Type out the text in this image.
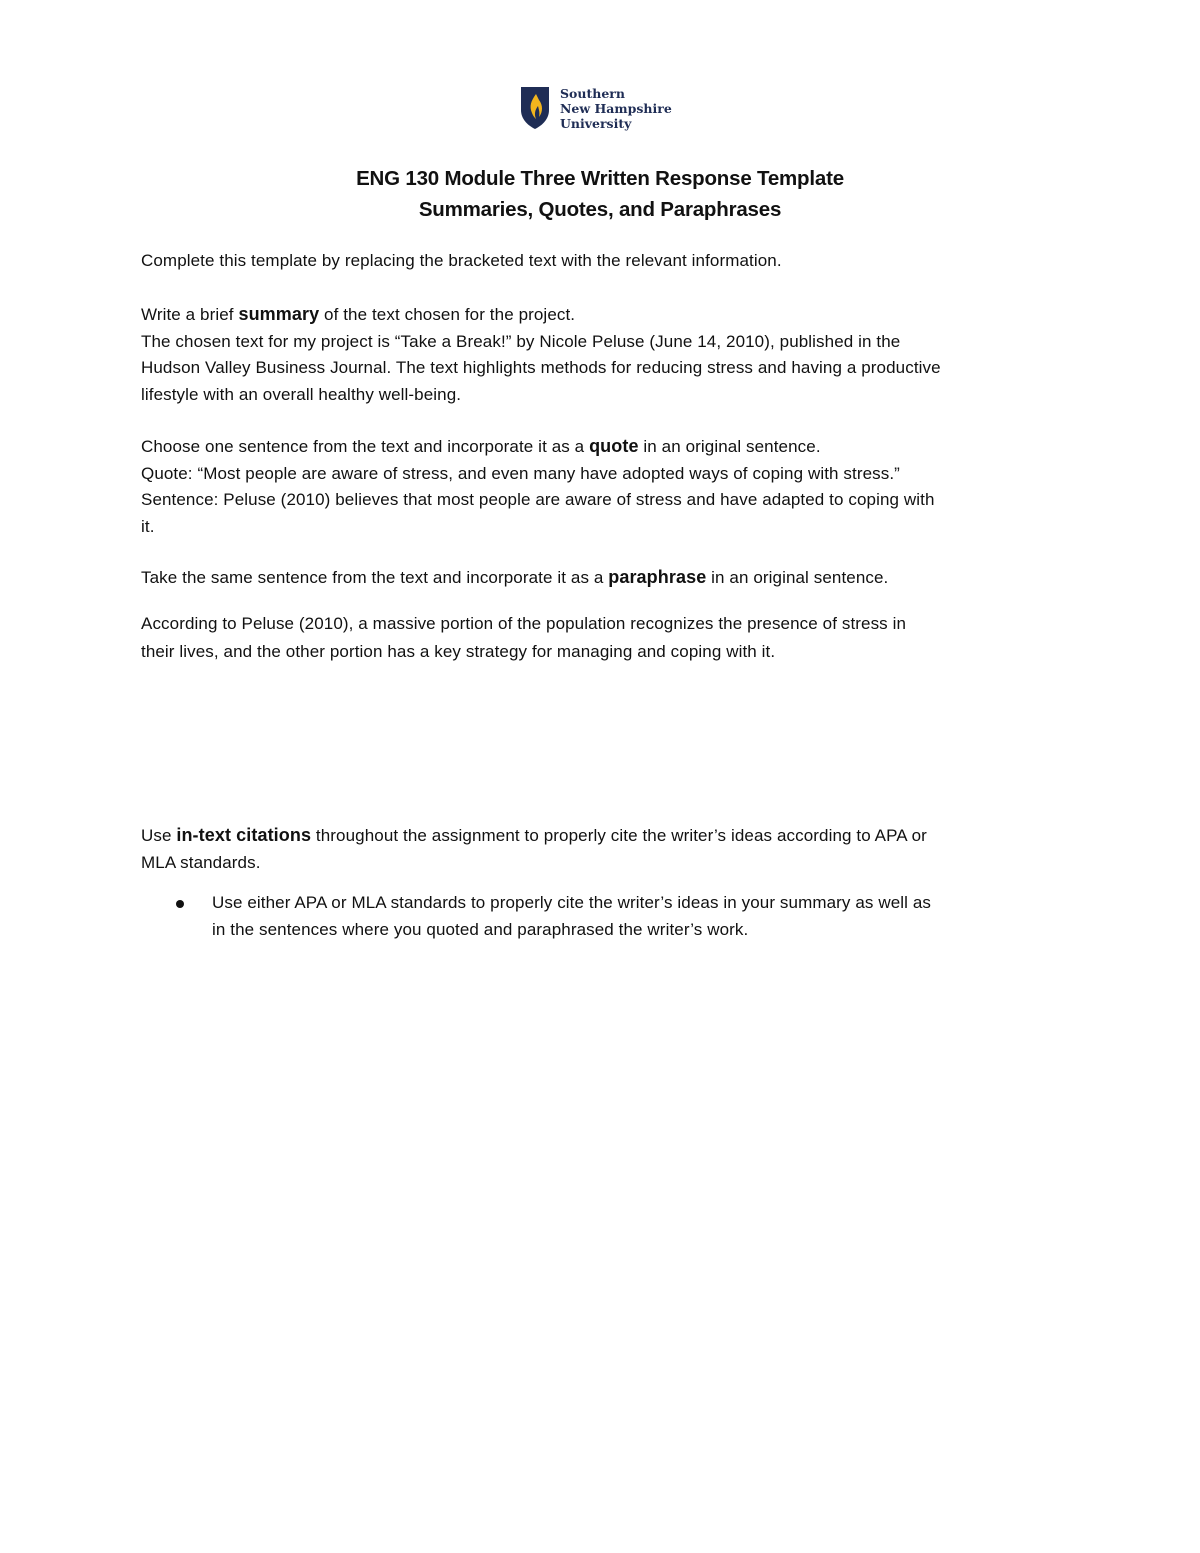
Southern
New Hampshire
University
ENG 130 Module Three Written Response Template
Summaries, Quotes, and Paraphrases

Complete this template by replacing the bracketed text with the relevant information.

Write a brief summary of the text chosen for the project.

The chosen text for my project is “Take a Break!” by Nicole Peluse (June 14, 2010), published in the

Hudson Valley Business Journal. The text highlights methods for reducing stress and having a productive

lifestyle with an overall healthy well-being.

Choose one sentence from the text and incorporate it as a quote in an original sentence.

Quote: “Most people are aware of stress, and even many have adopted ways of coping with stress.”

Sentence: Peluse (2010) believes that most people are aware of stress and have adapted to coping with

it.

Take the same sentence from the text and incorporate it as a paraphrase in an original sentence.

According to Peluse (2010), a massive portion of the population recognizes the presence of stress in

their lives, and the other portion has a key strategy for managing and coping with it.

Use in-text citations throughout the assignment to properly cite the writer’s ideas according to APA or

MLA standards.

Use either APA or MLA standards to properly cite the writer’s ideas in your summary as well as
in the sentences where you quoted and paraphrased the writer’s work.
